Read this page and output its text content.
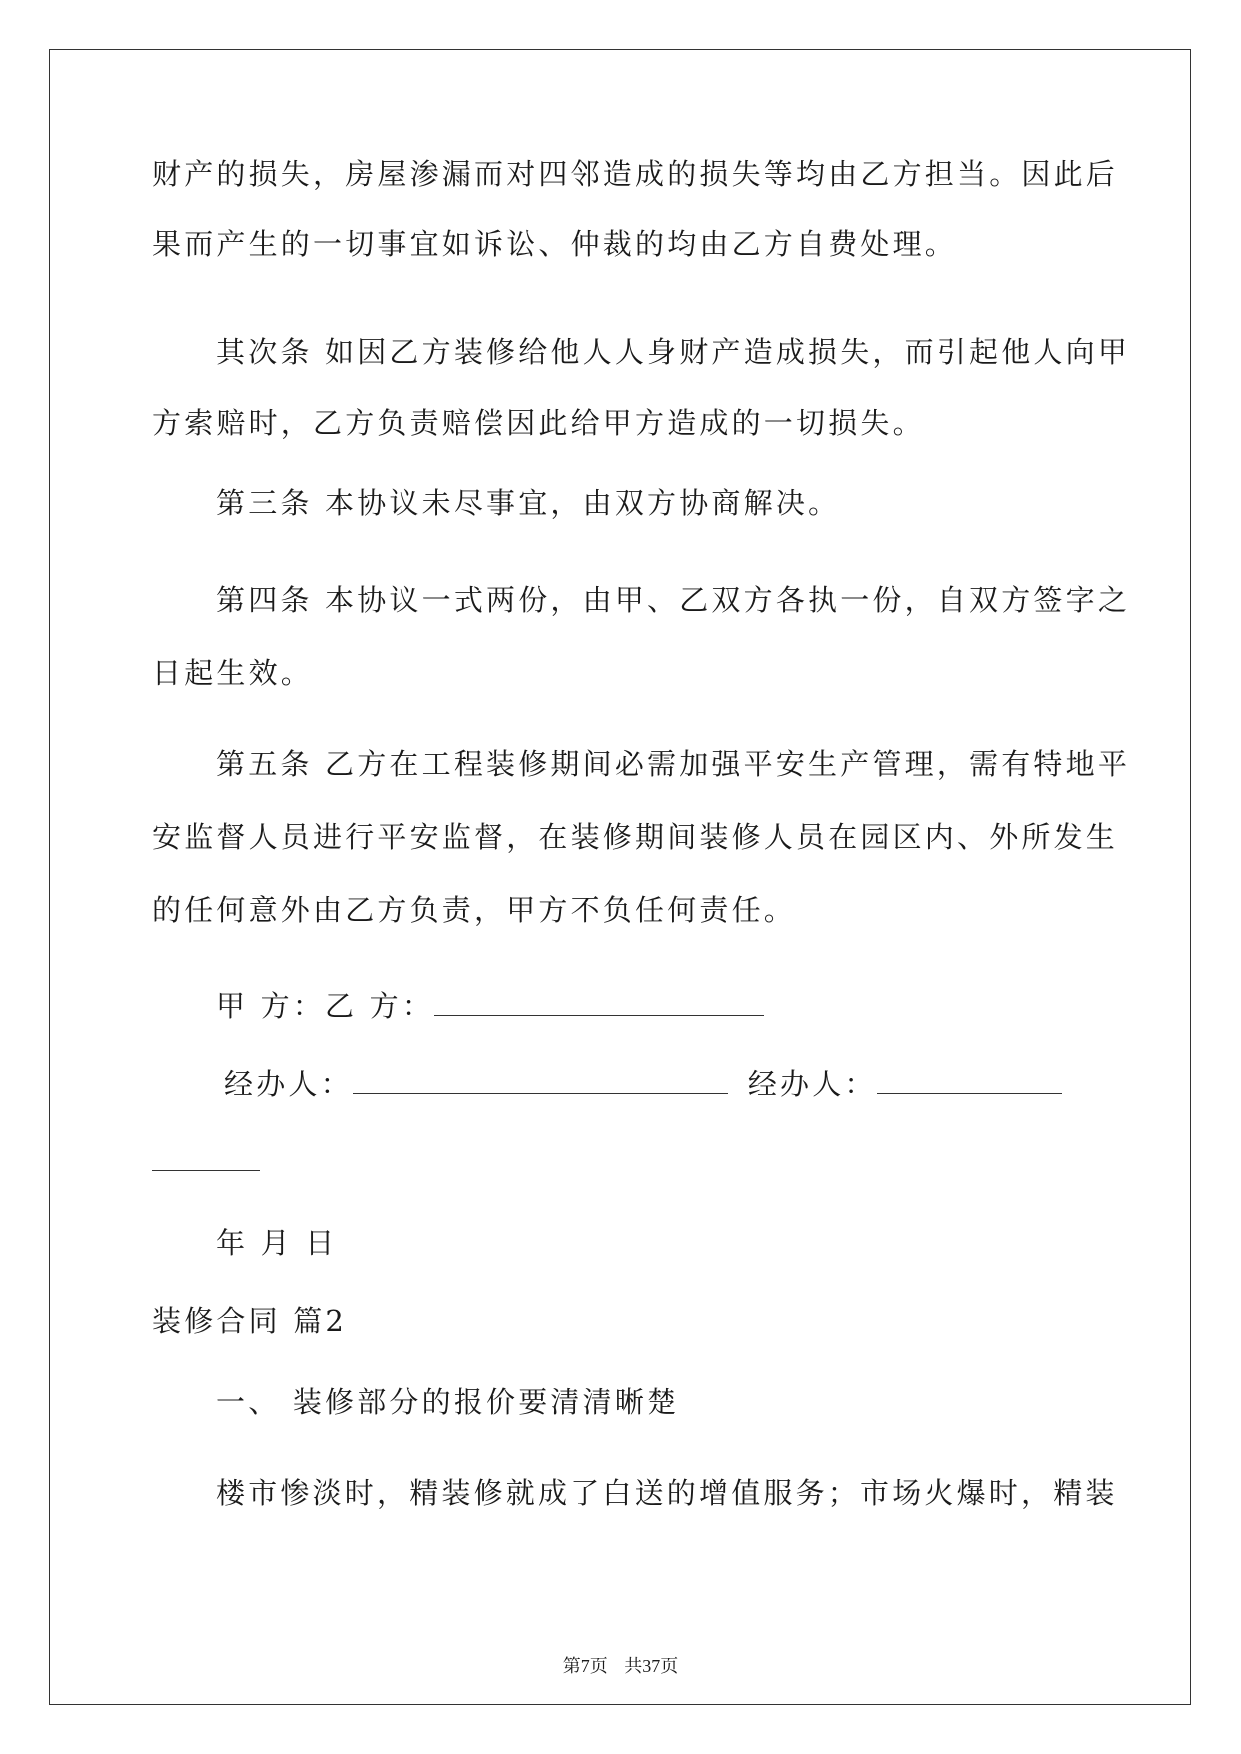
财产的损失，房屋渗漏而对四邻造成的损失等均由乙方担当。因此后
果而产生的一切事宜如诉讼、仲裁的均由乙方自费处理。
其次条 如因乙方装修给他人人身财产造成损失，而引起他人向甲
方索赔时，乙方负责赔偿因此给甲方造成的一切损失。
第三条 本协议未尽事宜，由双方协商解决。
第四条 本协议一式两份，由甲、乙双方各执一份，自双方签字之
日起生效。
第五条 乙方在工程装修期间必需加强平安生产管理，需有特地平
安监督人员进行平安监督，在装修期间装修人员在园区内、外所发生
的任何意外由乙方负责，甲方不负任何责任。
甲 方：乙 方：
经办人：	经办人：
年 月 日
装修合同 篇2
一、 装修部分的报价要清清晰楚
楼市惨淡时，精装修就成了白送的增值服务；市场火爆时，精装
第7页 共37页
